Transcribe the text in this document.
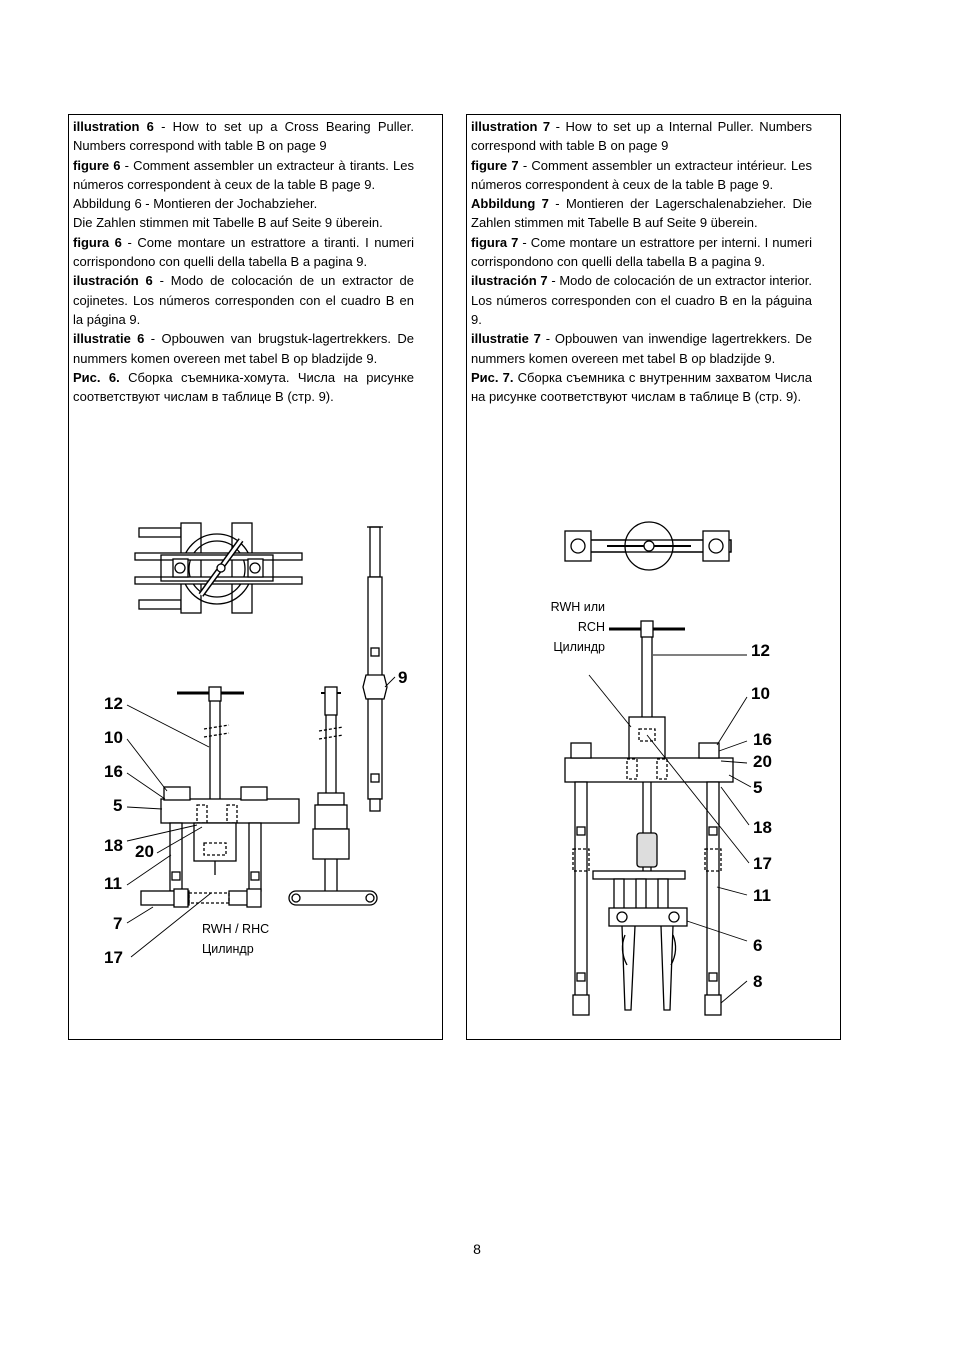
illustration 6 - How to set up a Cross Bearing Puller. Numbers correspond with table B on page 9

figure 6 - Comment assembler un extracteur à tirants. Les números correspondent à ceux de la table B page 9.

Abbildung 6 - Montieren der Jochabzieher.

Die Zahlen stimmen mit Tabelle B auf Seite 9 überein.

figura 6 - Come montare un estrattore a tiranti. I numeri corrispondono con quelli della tabella B a pagina 9.

ilustración 6 - Modo de colocación de un extractor de cojinetes. Los números corresponden con el cuadro B en la página 9.

illustratie 6 - Opbouwen van brugstuk-lagertrekkers. De nummers komen overeen met tabel B op bladzijde 9.

Рис. 6. Сборка съемника-хомута. Числа на рисунке соответствуют числам в таблице В (стр. 9).

12
10
16
5
18 20
11
7
17
9
RWH / RHC
Цилиндр

illustration 7 - How to set up a Internal Puller. Numbers correspond with table B on page 9

figure 7 - Comment assembler un extracteur intérieur. Les números correspondent à ceux de la table B page 9.

Abbildung 7 - Montieren der Lagerschalenabzieher. Die Zahlen stimmen mit Tabelle B auf Seite 9 überein.

figura 7 - Come montare un estrattore per interni. I numeri corrispondono con quelli della tabella B a pagina 9.

ilustración 7 - Modo de colocación de un extractor interior. Los números corresponden con el cuadro B en la páguina 9.

illustratie 7 - Opbouwen van inwendige lagertrekkers. De nummers komen overeen met tabel B op bladzijde 9.

Рис. 7. Сборка съемника с внутренним захватом Числа на рисунке соответствуют числам в таблице В (стр. 9).

12
10
16
20
5
18
17
11
6
8
RWH или
RCH
Цилиндр
8
